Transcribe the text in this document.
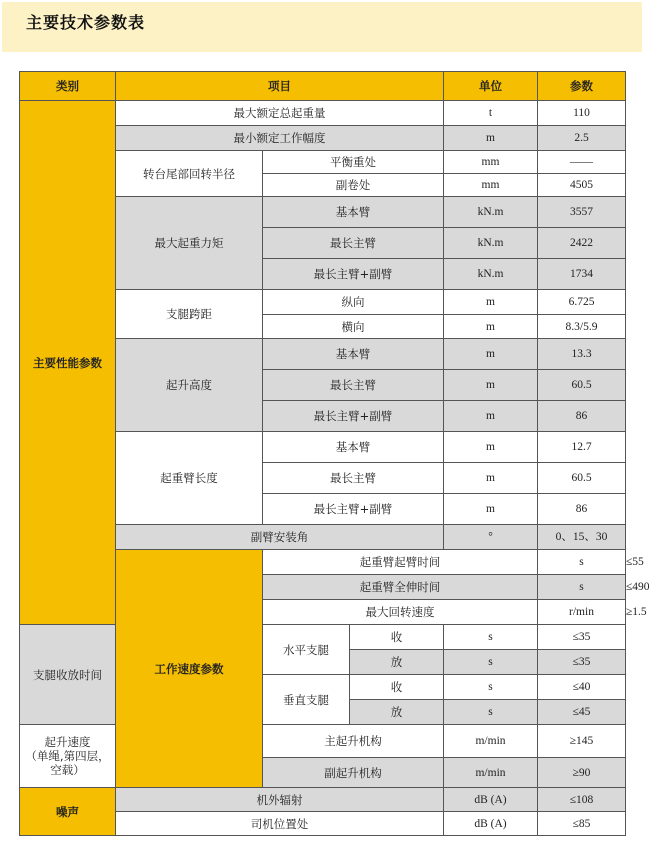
主要技术参数表
类别	项目			单位	参数	
主要性能参数	最大额定总起重量			t	110	
	最小额定工作幅度			m	2.5	
	转台尾部回转半径	平衡重处		mm	——	
		副卷处		mm	4505	
	最大起重力矩	基本臂		kN.m	3557	
		最长主臂		kN.m	2422	
		最长主臂+副臂		kN.m	1734	
	支腿跨距	纵向		m	6.725	
		横向		m	8.3/5.9	
	起升高度	基本臂		m	13.3	
		最长主臂		m	60.5	
		最长主臂+副臂		m	86	
	起重臂长度	基本臂		m	12.7	
		最长主臂		m	60.5	
		最长主臂+副臂		m	86	
	副臂安装角			°	0、15、30	
	工作速度参数	起重臂起臂时间			s	≤55
		起重臂全伸时间			s	≤490
		最大回转速度			r/min	≥1.5
支腿收放时间		水平支腿	收	s	≤35	
			放	s	≤35	
		垂直支腿	收	s	≤40	
			放	s	≤45	

起升速度
（单绳,第四层，空载）		主起升机构		m/min	≥145	
		副起升机构		m/min	≥90	
噪声	机外辐射			dB (A)	≤108	
	司机位置处			dB (A)	≤85	
